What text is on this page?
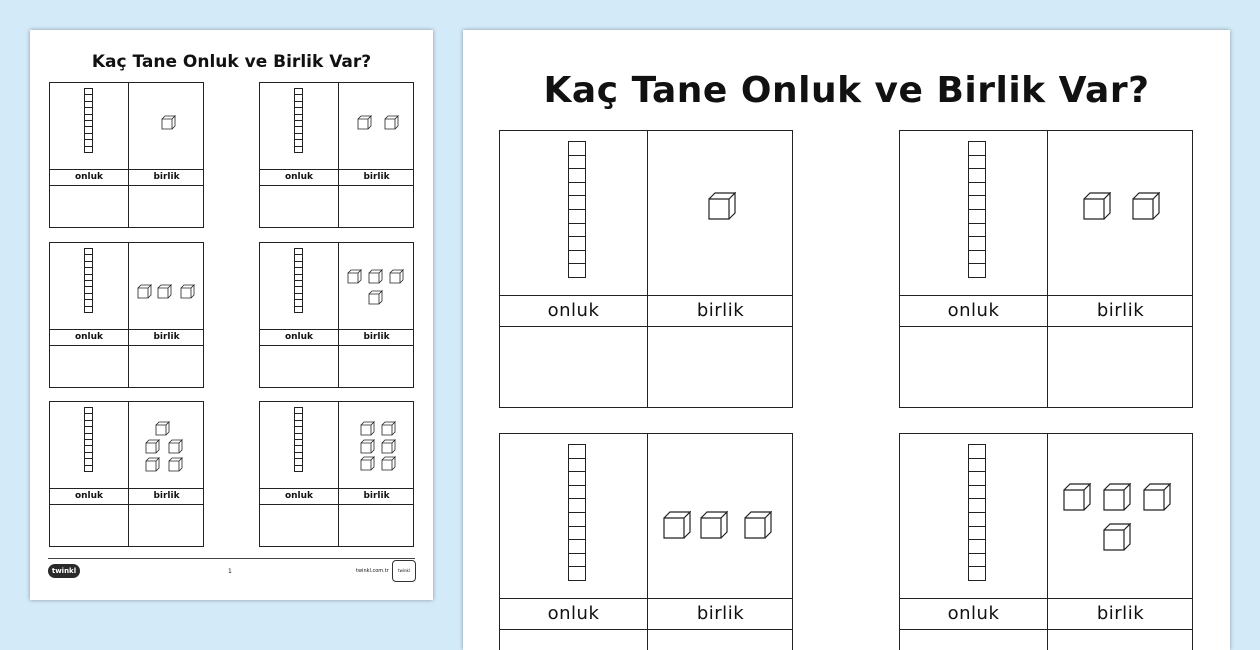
Kaç Tane Onluk ve Birlik Var?
onluk	birlik	onluk	birlik
onluk	birlik	onluk	birlik
onluk	birlik	onluk	birlik
twinkl	1	twinkl.com.tr	twinkl
Kaç Tane Onluk ve Birlik Var?
onluk	birlik	onluk	birlik
onluk	birlik	onluk	birlik
